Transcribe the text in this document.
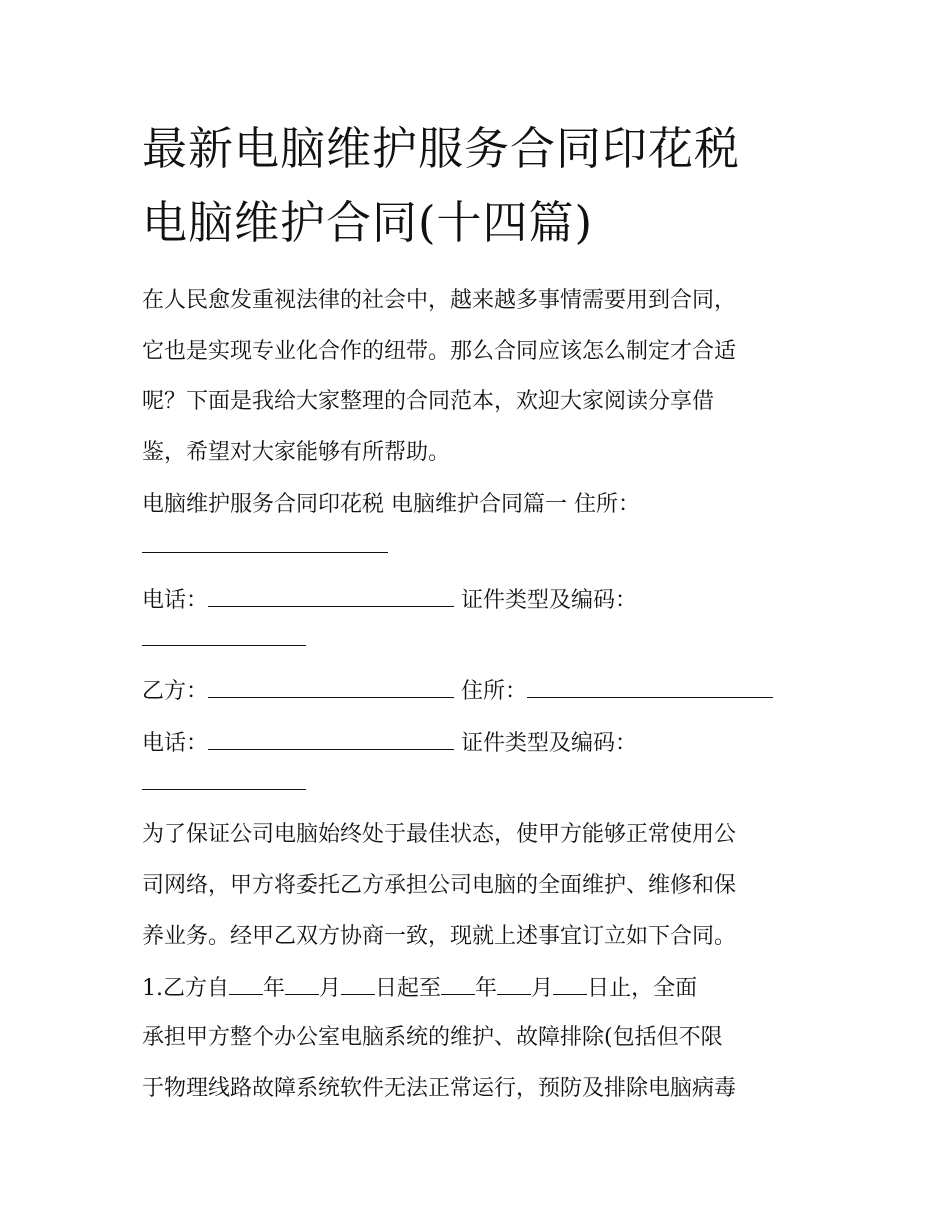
最新电脑维护服务合同印花税
电脑维护合同(十四篇)
在人民愈发重视法律的社会中，越来越多事情需要用到合同，
它也是实现专业化合作的纽带。那么合同应该怎么制定才合适
呢？下面是我给大家整理的合同范本，欢迎大家阅读分享借
鉴，希望对大家能够有所帮助。
电脑维护服务合同印花税 电脑维护合同篇一 住所：
电话：	证件类型及编码：
乙方：	住所：
电话：	证件类型及编码：
为了保证公司电脑始终处于最佳状态，使甲方能够正常使用公
司网络，甲方将委托乙方承担公司电脑的全面维护、维修和保
养业务。经甲乙双方协商一致，现就上述事宜订立如下合同。
1.乙方自 年 月 日起至 年 月 日止，全面
承担甲方整个办公室电脑系统的维护、故障排除(包括但不限
于物理线路故障系统软件无法正常运行，预防及排除电脑病毒
